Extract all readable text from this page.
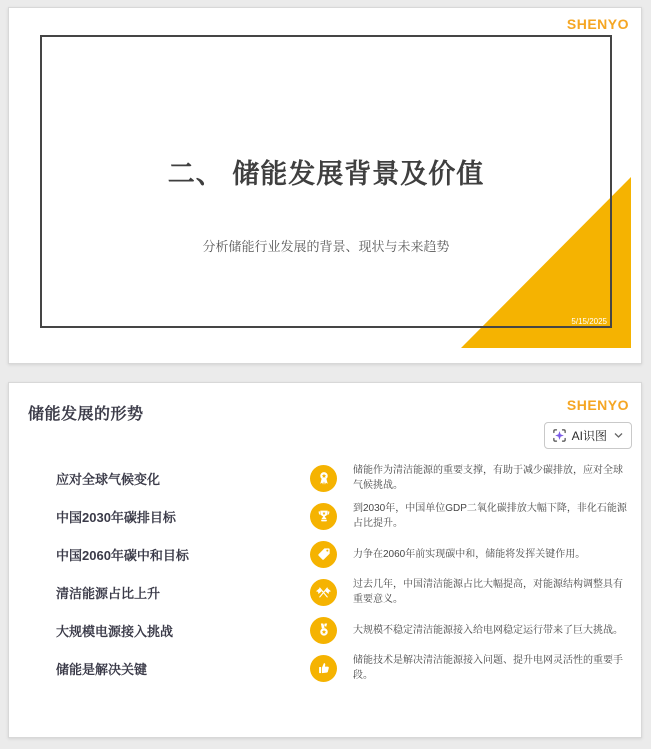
SHENYO
二、 储能发展背景及价值
分析储能行业发展的背景、现状与未来趋势
5/15/2025
SHENYO
储能发展的形势
AI识图
应对全球气候变化
储能作为清洁能源的重要支撑，有助于减少碳排放，应对全球气候挑战。
中国2030年碳排目标
到2030年，中国单位GDP二氧化碳排放大幅下降，非化石能源占比提升。
中国2060年碳中和目标	力争在2060年前实现碳中和，储能将发挥关键作用。
清洁能源占比上升
过去几年，中国清洁能源占比大幅提高，对能源结构调整具有重要意义。
大规模电源接入挑战	大规模不稳定清洁能源接入给电网稳定运行带来了巨大挑战。
储能是解决关键
储能技术是解决清洁能源接入问题、提升电网灵活性的重要手段。
